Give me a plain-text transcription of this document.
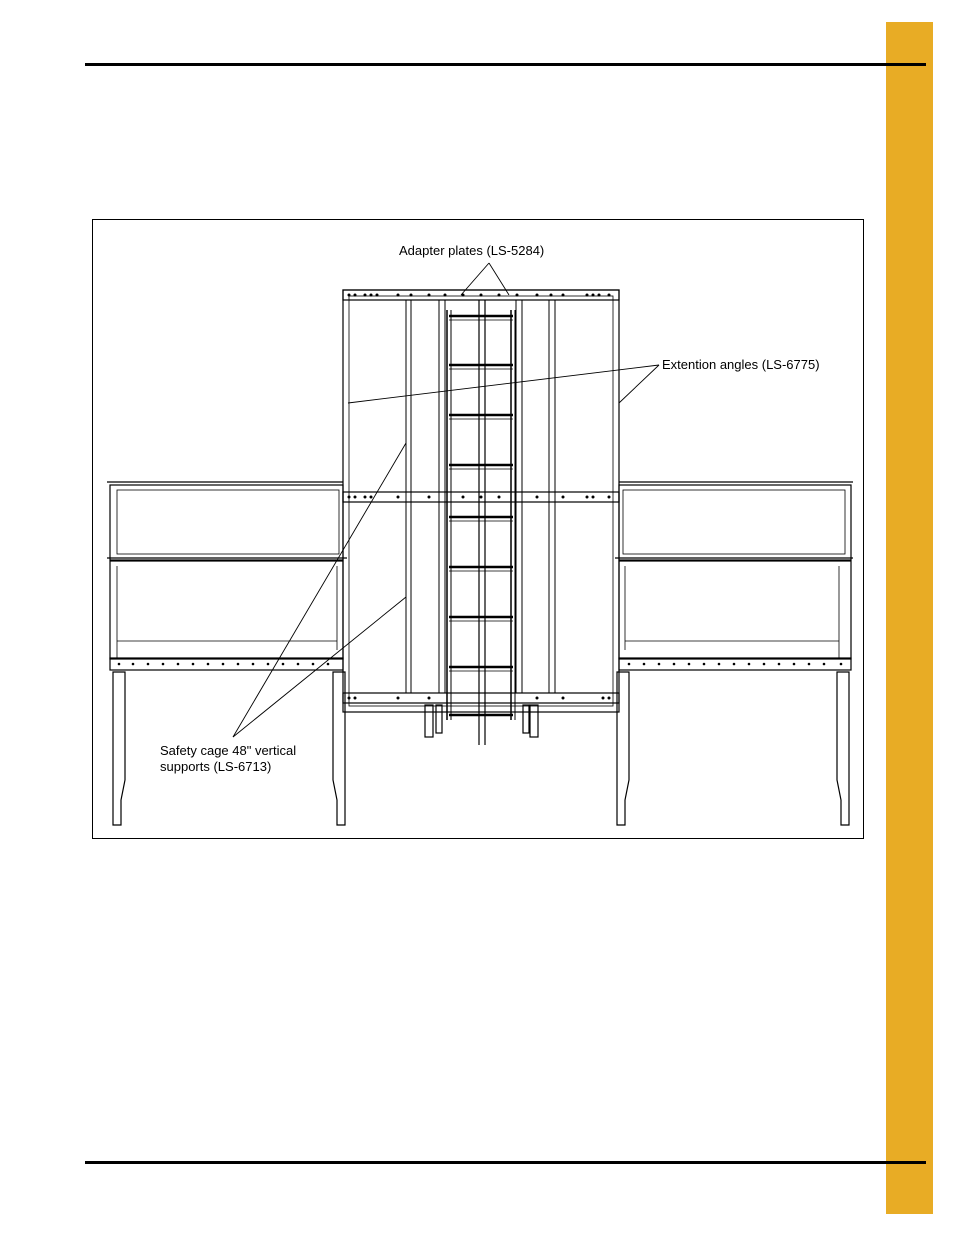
Adapter plates (LS-5284)

Extention angles (LS-6775)

Safety cage 48" vertical supports (LS-6713)
